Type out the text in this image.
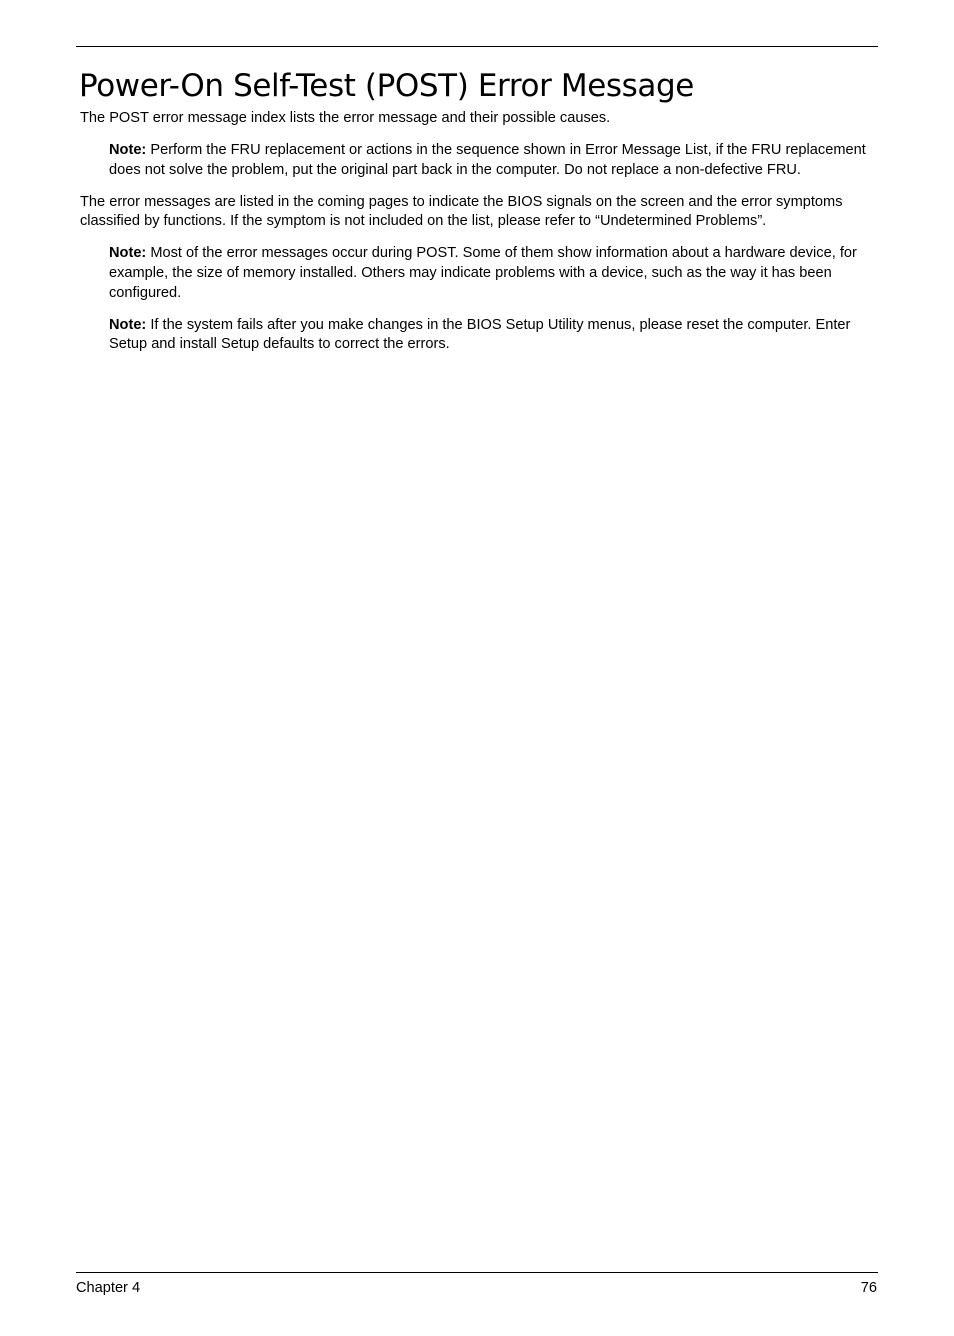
Power-On Self-Test (POST) Error Message

The POST error message index lists the error message and their possible causes.

Note: Perform the FRU replacement or actions in the sequence shown in Error Message List, if the FRU replacement does not solve the problem, put the original part back in the computer. Do not replace a non-defective FRU.

The error messages are listed in the coming pages to indicate the BIOS signals on the screen and the error symptoms classified by functions. If the symptom is not included on the list, please refer to “Undetermined Problems”.

Note: Most of the error messages occur during POST. Some of them show information about a hardware device, for example, the size of memory installed. Others may indicate problems with a device, such as the way it has been configured.

Note: If the system fails after you make changes in the BIOS Setup Utility menus, please reset the computer. Enter Setup and install Setup defaults to correct the errors.

Chapter 4	76
